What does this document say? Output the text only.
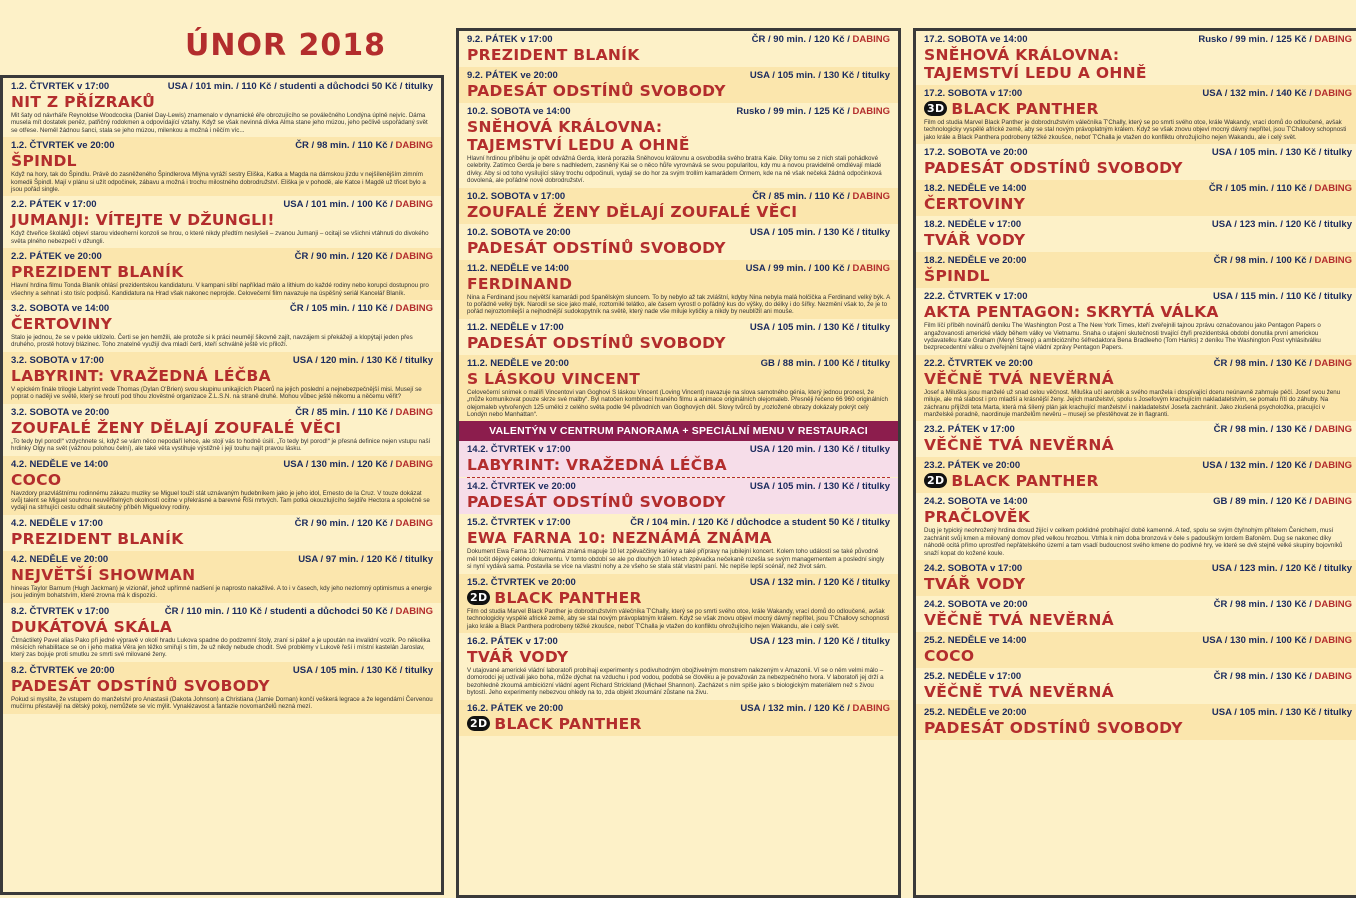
ÚNOR 2018
1.2. ČTVRTEK v 17:00	USA / 101 min. / 110 Kč / studenti a důchodci 50 Kč / titulky
NIT Z PŘÍZRAKŮ
Mit šaty od návrháře Reynoldse Woodcocka (Daniel Day-Lewis) znamenalo v dynamické éře obrozujícího se poválečného Londýna úplně nejvíc. Dáma musela mít dostatek peněz, patřičný rodokmen a odpovídající vztahy. Když se však nevinná dívka Alma stane jeho múzou, jeho pečlivě uspořádaný svět se otřese. Neměl žádnou šanci, stala se jeho múzou, milenkou a možná i něčím víc...
1.2. ČTVRTEK ve 20:00	ČR / 98 min. / 110 Kč / DABING
ŠPINDL
Když na hory, tak do Špindlu. Právě do zasněženého Špindlerova Mlýna vyráží sestry Eliška, Katka a Magda na dámskou jízdu v nejšílenějším zimním komedii Špindl. Mají v plánu si užít odpočinek, zábavu a možná i trochu milostného dobrodružství. Eliška je v pohodě, ale Katce i Magdě už třicet bylo a jsou pořád single.
2.2. PÁTEK v 17:00	USA / 101 min. / 100 Kč / DABING
JUMANJI: VÍTEJTE V DŽUNGLI!
Když čtveřice školáků objeví starou videoherní konzoli se hrou, o které nikdy předtím neslyšeli – zvanou Jumanji – ocitají se všichni vtáhnuti do divokého světa plného nebezpečí v džungli.
2.2. PÁTEK ve 20:00	ČR / 90 min. / 120 Kč / DABING
PREZIDENT BLANÍK
Hlavní hrdina filmu Tonda Blaník ohlásí prezidentskou kandidaturu. V kampani slíbí například málo a lithium do každé rodiny nebo korupci dostupnou pro všechny a sehnat i sto tisíc podpisů. Kandidatura na Hrad však nakonec neprojde. Celovečerní film navazuje na úspěšný seriál Kancelář Blaník.
3.2. SOBOTA ve 14:00	ČR / 105 min. / 110 Kč / DABING
ČERTOVINY
Stalo je jednou, že se v pekle uklízelo. Čerti se jen hemžili, ale protože si k práci neumějí šikovně zajít, navzájem si překážejí a klopýtají jeden přes druhého, prostě hotový blázinec. Toho znatelně využijí dva mladí čerti, kteří schválně ještě víc přiloží.
3.2. SOBOTA v 17:00	USA / 120 min. / 130 Kč / titulky
LABYRINT: VRAŽEDNÁ LÉČBA
V epickém finále trilogie Labyrint vede Thomas (Dylan O'Brien) svou skupinu unikajících Placerů na jejich poslední a nejnebezpečnější misi. Musejí se poprat o naději ve světě, který se hroutí pod tíhou zlověstné organizace Z.L.S.N. na straně druhé. Mohou vůbec ještě někomu a něčemu věřit?
3.2. SOBOTA ve 20:00	ČR / 85 min. / 110 Kč / DABING
ZOUFALÉ ŽENY DĚLAJÍ ZOUFALÉ VĚCI
„To tedy byl porod!“ vzdychnete si, když se vám něco nepodaří lehce, ale stojí vás to hodně úsilí. „To tedy byl porod!“ je přesná definice nejen vstupu naší hrdinky Olgy na svět (vážnou polohou čelní), ale také věta vystihuje výstižně i její touhu najít pravou lásku.
4.2. NEDĚLE ve 14:00	USA / 130 min. / 120 Kč / DABING
COCO
Navzdory prazvláštnímu rodinnému zákazu muziky se Miguel touží stát uznávaným hudebníkem jako je jeho idol, Ernesto de la Cruz. V touze dokázat svůj talent se Miguel souhrou neuvěřitelných okolností ocitne v překrásné a barevné Říši mrtvých. Tam potká okouzlujícího šejdíře Hectora a společně se vydají na strhující cestu odhalit skutečný příběh Miguelovy rodiny.
4.2. NEDĚLE v 17:00	ČR / 90 min. / 120 Kč / DABING
PREZIDENT BLANÍK
4.2. NEDĚLE ve 20:00	USA / 97 min. / 120 Kč / titulky
NEJVĚTŠÍ SHOWMAN
hineas Taylor Barnum (Hugh Jackman) je vizionář, jehož upřímné nadšení je naprosto nakažlivé. A to i v časech, kdy jeho nezlomný optimismus a energie jsou jediným bohatstvím, které zrovna má k dispozici.
8.2. ČTVRTEK v 17:00	ČR / 110 min. / 110 Kč / studenti a důchodci 50 Kč / DABING
DUKÁTOVÁ SKÁLA
Čtrnáctiletý Pavel alias Pako při jedné výpravě v okolí hradu Lukova spadne do podzemní štoly, zraní si páteř a je upoután na invalidní vozík. Po několika měsících rehabilitace se on i jeho matka Věra jen těžko smiřují s tím, že už nikdy nebude chodit. Své problémy v Lukově řeší i místní kastelán Jaroslav, který zas bojuje proti smutku ze smrti své milované ženy.
8.2. ČTVRTEK ve 20:00	USA / 105 min. / 130 Kč / titulky
PADESÁT ODSTÍNŮ SVOBODY
Pokud si myslíte, že vstupem do manželství pro Anastasii (Dakota Johnson) a Christiana (Jamie Dornan) končí veškerá legrace a že legendární Červenou mučírnu přestavějí na dětský pokoj, nemůžete se víc mýlit. Vynalézavost a fantazie novomanželů nezná mezí.
9.2. PÁTEK v 17:00	ČR / 90 min. / 120 Kč / DABING
PREZIDENT BLANÍK
9.2. PÁTEK ve 20:00	USA / 105 min. / 130 Kč / titulky
PADESÁT ODSTÍNŮ SVOBODY
10.2. SOBOTA ve 14:00	Rusko / 99 min. / 125 Kč / DABING
SNĚHOVÁ KRÁLOVNA:
TAJEMSTVÍ LEDU A OHNĚ
Hlavní hrdinou příběhu je opět odvážná Gerda, která porazila Sněhovou královnu a osvobodila svého bratra Kaie. Díky tomu se z nich stali pohádkové celebrity. Zatímco Gerda je bere s nadhledem, zasněný Kai se o něco hůře vyrovnává se svou popularitou, kdy mu a novou pravidelně omdlévají mladé dívky. Aby si od toho vysílující slávy trochu odpočinuli, vydají se do hor za svým trollím kamarádem Ormem, kde na ně však nečeká žádná odpočinková dovolená, ale pořádné nové dobrodružství.
10.2. SOBOTA v 17:00	ČR / 85 min. / 110 Kč / DABING
ZOUFALÉ ŽENY DĚLAJÍ ZOUFALÉ VĚCI
10.2. SOBOTA ve 20:00	USA / 105 min. / 130 Kč / titulky
PADESÁT ODSTÍNŮ SVOBODY
11.2. NEDĚLE ve 14:00	USA / 99 min. / 100 Kč / DABING
FERDINAND
Nina a Ferdinand jsou největší kamarádi pod španělským sluncem. To by nebylo až tak zvláštní, kdyby Nina nebyla malá holčička a Ferdinand velký býk. A to pořádně velký býk. Narodil se sice jako malé, roztomilé telátko, ale časem vyrostl o pořádný kus do výšky, do délky i do šířky. Nezmění však to, že je to pořád nejroztomilejší a nejhodnější sudokopytník na světě, který nade vše miluje kytičky a nikdy by neublížil ani mouše.
11.2. NEDĚLE v 17:00	USA / 105 min. / 130 Kč / titulky
PADESÁT ODSTÍNŮ SVOBODY
11.2. NEDĚLE ve 20:00	GB / 88 min. / 100 Kč / titulky
S LÁSKOU VINCENT
Celovečerní snímek o malíři Vincentovi van Goghovi S láskou Vincent (Loving Vincent) navazuje na slova samotného génia, který jednou pronesl, že „může komunikovat pouze skrze své malby“. Byl natočen kombinací hraného filmu a animace originálních olejomaleb. Přesněji řečeno 66 960 originálních olejomaleb vytvořených 125 umělci z celého světa podle 94 původních van Goghových děl. Slovy tvůrců by „rozložené obrazy dokázaly pokrýt celý Londýn nebo Manhattan“.
VALENTÝN V CENTRUM PANORAMA + SPECIÁLNÍ MENU V RESTAURACI
14.2. ČTVRTEK v 17:00	USA / 120 min. / 130 Kč / titulky
LABYRINT: VRAŽEDNÁ LÉČBA
14.2. ČTVRTEK ve 20:00	USA / 105 min. / 130 Kč / titulky
PADESÁT ODSTÍNŮ SVOBODY
15.2. ČTVRTEK v 17:00	ČR / 104 min. / 120 Kč / důchodce a student 50 Kč / titulky
EWA FARNA 10: NEZNÁMÁ ZNÁMA
Dokument Ewa Farna 10: Neznámá známá mapuje 10 let zpěvaččiny kariéry a také přípravy na jubilejní koncert. Kolem toho událostí se také původně měl točit dějový celého dokumentu. V tomto období se ale po dlouhých 10 letech zpěvačka nečekaně rozešla se svým managementem a poslední singly si nyní vydává sama. Postavila se více na vlastní nohy a ze všeho se stala stát vlastní paní. Nic nepíše lepší scénář, než život sám.
15.2. ČTVRTEK ve 20:00	USA / 132 min. / 120 Kč / titulky
2D BLACK PANTHER
Film od studia Marvel Black Panther je dobrodružstvím válečníka T'Chally, který se po smrti svého otce, krále Wakandy, vrací domů do odloučené, avšak technologicky vyspělé africké země, aby se stal novým právoplatným králem. Když se však znovu objeví mocný dávný nepřítel, jsou T'Challovy schopnosti jako krále a Black Panthera podrobeny těžké zkoušce, neboť T'Challa je vtažen do konfliktu ohrožujícího nejen Wakandu, ale i celý svět.
16.2. PÁTEK v 17:00	USA / 123 min. / 120 Kč / titulky
TVÁŘ VODY
V utajované americké vládní laboratoři probíhají experimenty s podivuhodným obojživelným monstrem nalezeným v Amazonii. Ví se o něm velmi málo – domorodci jej uctívali jako boha, může dýchat na vzduchu i pod vodou, podobá se člověku a je považován za nebezpečného tvora. V laboratoři jej drží a bezohledně zkoumá ambiciózní vládní agent Richard Strickland (Michael Shannon). Zacházet s ním spíše jako s biologickým materiálem než s živou bytostí. Jeho experimenty nebezvou ohledy na to, zda objekt zkoumání zůstane na živu.
16.2. PÁTEK ve 20:00	USA / 132 min. / 120 Kč / DABING
2D BLACK PANTHER
17.2. SOBOTA ve 14:00	Rusko / 99 min. / 125 Kč / DABING
SNĚHOVÁ KRÁLOVNA:
TAJEMSTVÍ LEDU A OHNĚ
17.2. SOBOTA v 17:00	USA / 132 min. / 140 Kč / DABING
3D BLACK PANTHER
Film od studia Marvel Black Panther je dobrodružstvím válečníka T'Chally, který se po smrti svého otce, krále Wakandy, vrací domů do odloučené, avšak technologicky vyspělé africké země, aby se stal novým právoplatným králem. Když se však znovu objeví mocný dávný nepřítel, jsou T'Challovy schopnosti jako krále a Black Panthera podrobeny těžké zkoušce, neboť T'Challa je vtažen do konfliktu ohrožujícího nejen Wakandu, ale i celý svět.
17.2. SOBOTA ve 20:00	USA / 105 min. / 130 Kč / titulky
PADESÁT ODSTÍNŮ SVOBODY
18.2. NEDĚLE ve 14:00	ČR / 105 min. / 110 Kč / DABING
ČERTOVINY
18.2. NEDĚLE v 17:00	USA / 123 min. / 120 Kč / titulky
TVÁŘ VODY
18.2. NEDĚLE ve 20:00	ČR / 98 min. / 100 Kč / DABING
ŠPINDL
22.2. ČTVRTEK v 17:00	USA / 115 min. / 110 Kč / titulky
AKTA PENTAGON: SKRYTÁ VÁLKA
Film líčí příběh novinářů deníku The Washington Post a The New York Times, kteří zveřejnili tajnou zprávu označovanou jako Pentagon Papers o angažovanosti americké vlády během války ve Vietnamu. Snaha o utajení skutečnosti trvající čtyři prezidentská období donutila první americkou vydavatelku Kate Graham (Meryl Streep) a ambiciózního šéfredaktora Bena Bradleeho (Tom Hanks) z deníku The Washington Post vyhlásitválku bezprecedentní válku o zveřejnění tajné vládní zprávy Pentagon Papers.
22.2. ČTVRTEK ve 20:00	ČR / 98 min. / 130 Kč / DABING
VĚČNĚ TVÁ NEVĚRNÁ
Josef a Miluška jsou manželé už snad celou věčnost. Miluška učí aerobik a svého manžela i dospívající dceru neúnavně zahrnuje péčí. Josef svou ženu miluje, ale má slabost i pro mladší a krásnější ženy. Jejich manželství, spolu s Josefovým krachujícím nakladatelstvím, se pomalu řítí do záhuby. Na záchranu přijíždí teta Marta, která má šílený plán jak krachující manželství i nakladatelství Josefa zachránit. Jako zkušená psycholožka, pracující v manželské poradně, naordinuje manželům nevěru – musejí se přestěhovat ze in flagranti.
23.2. PÁTEK v 17:00	ČR / 98 min. / 130 Kč / DABING
VĚČNĚ TVÁ NEVĚRNÁ
23.2. PÁTEK ve 20:00	USA / 132 min. / 120 Kč / DABING
2D BLACK PANTHER
24.2. SOBOTA ve 14:00	GB / 89 min. / 120 Kč / DABING
PRAČLOVĚK
Dug je typický neohrožený hrdina dosud žijící v celkem poklidné probíhající době kamenné. A teď, spolu se svým čtyřnohým přítelem Čenichem, musí zachránit svůj kmen a milovaný domov před velkou hrozbou. Vtrhla k nim doba bronzová v čele s padouškým lordem Bafoněm. Dug se nakonec díky náhodě ocitá přímo uprostřed nepřátelského území a tam vsadí budoucnost svého kmene do podivné hry, ve které se dvě stejně velké skupiny bojovníků snaží kopat do kožené koule.
24.2. SOBOTA v 17:00	USA / 123 min. / 120 Kč / titulky
TVÁŘ VODY
24.2. SOBOTA ve 20:00	ČR / 98 min. / 130 Kč / DABING
VĚČNĚ TVÁ NEVĚRNÁ
25.2. NEDĚLE ve 14:00	USA / 130 min. / 100 Kč / DABING
COCO
25.2. NEDĚLE v 17:00	ČR / 98 min. / 130 Kč / DABING
VĚČNĚ TVÁ NEVĚRNÁ
25.2. NEDĚLE ve 20:00	USA / 105 min. / 130 Kč / titulky
PADESÁT ODSTÍNŮ SVOBODY
